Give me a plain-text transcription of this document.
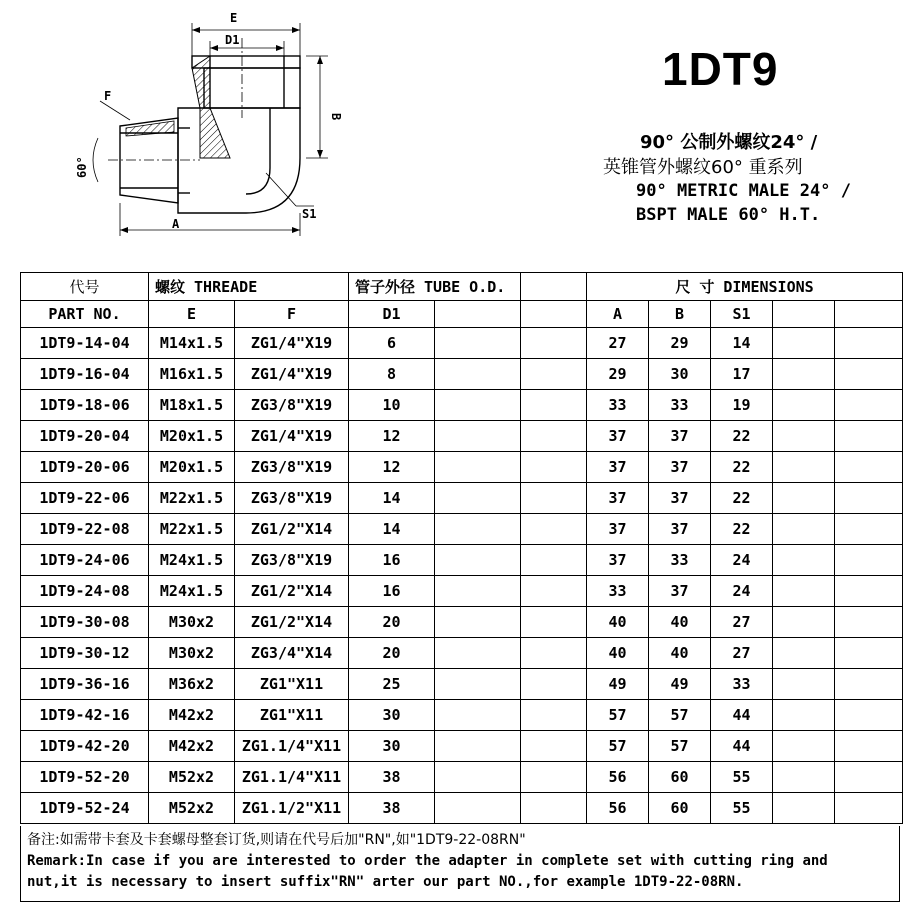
E
D1
F
B
60°
S1
A
1DT9
90° 公制外螺纹24° /
英锥管外螺纹60° 重系列
90° METRIC MALE 24° /
BSPT MALE 60° H.T.
代号	螺纹 THREADE		管子外径 TUBE O.D.			尺 寸 DIMENSIONS				
PART NO.	E	F	D1			A	B	S1		
1DT9-14-04	M14x1.5	ZG1/4"X19	6			27	29	14		
1DT9-16-04	M16x1.5	ZG1/4"X19	8			29	30	17		
1DT9-18-06	M18x1.5	ZG3/8"X19	10			33	33	19		
1DT9-20-04	M20x1.5	ZG1/4"X19	12			37	37	22		
1DT9-20-06	M20x1.5	ZG3/8"X19	12			37	37	22		
1DT9-22-06	M22x1.5	ZG3/8"X19	14			37	37	22		
1DT9-22-08	M22x1.5	ZG1/2"X14	14			37	37	22		
1DT9-24-06	M24x1.5	ZG3/8"X19	16			37	33	24		
1DT9-24-08	M24x1.5	ZG1/2"X14	16			33	37	24		
1DT9-30-08	M30x2	ZG1/2"X14	20			40	40	27		
1DT9-30-12	M30x2	ZG3/4"X14	20			40	40	27		
1DT9-36-16	M36x2	ZG1"X11	25			49	49	33		
1DT9-42-16	M42x2	ZG1"X11	30			57	57	44		
1DT9-42-20	M42x2	ZG1.1/4"X11	30			57	57	44		
1DT9-52-20	M52x2	ZG1.1/4"X11	38			56	60	55		
1DT9-52-24	M52x2	ZG1.1/2"X11	38			56	60	55		
备注:如需带卡套及卡套螺母整套订货,则请在代号后加"RN",如"1DT9-22-08RN"
Remark:In case if you are interested to order the adapter in complete set with cutting ring and
nut,it is necessary to insert suffix"RN" arter our part NO.,for example 1DT9-22-08RN.
